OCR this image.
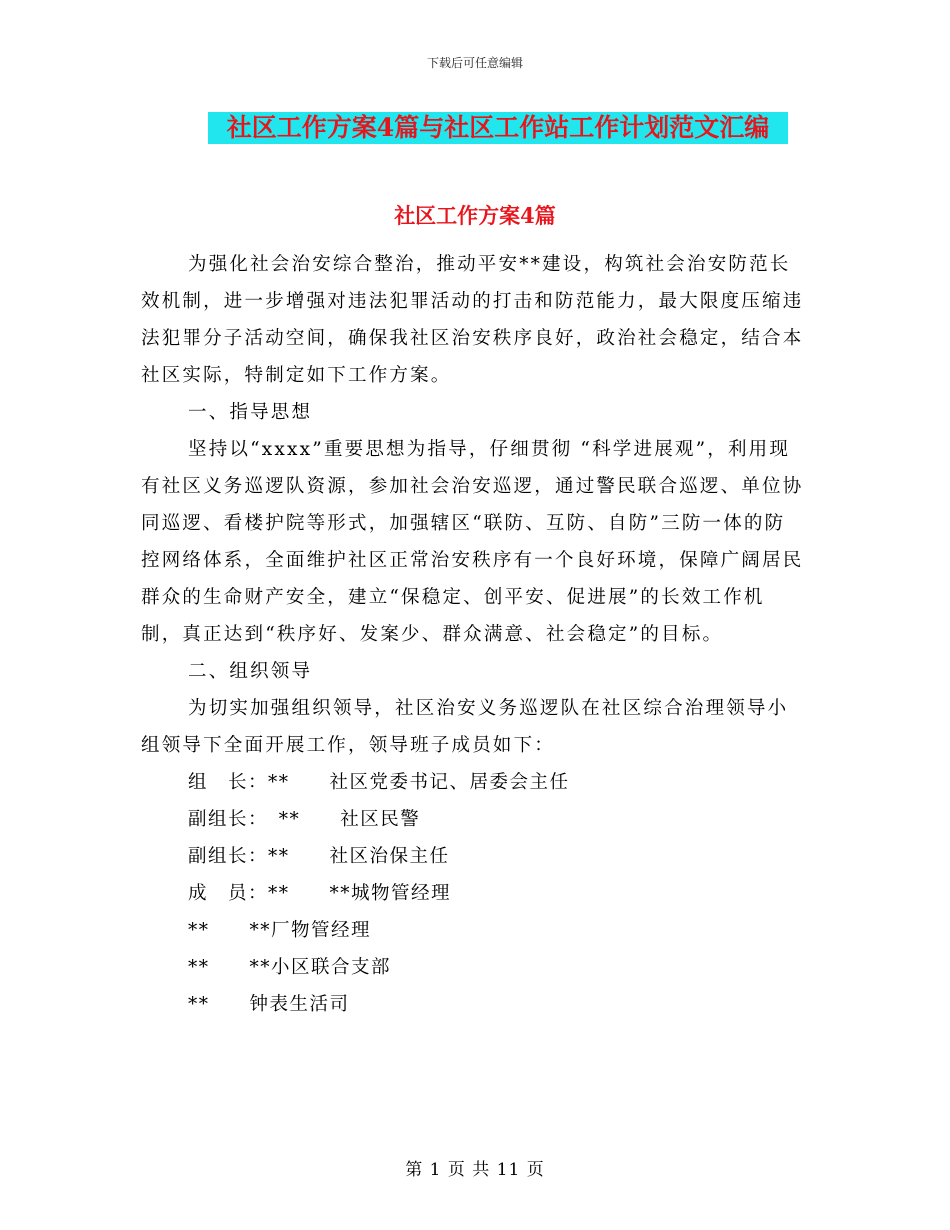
下载后可任意编辑
社区工作方案4篇与社区工作站工作计划范文汇编
社区工作方案4篇

为强化社会治安综合整治，推动平安**建设，构筑社会治安防范长效机制，进一步增强对违法犯罪活动的打击和防范能力，最大限度压缩违法犯罪分子活动空间，确保我社区治安秩序良好，政治社会稳定，结合本社区实际，特制定如下工作方案。

一、指导思想

坚持以“xxxx”重要思想为指导，仔细贯彻 “科学进展观”，利用现有社区义务巡逻队资源，参加社会治安巡逻，通过警民联合巡逻、单位协同巡逻、看楼护院等形式，加强辖区“联防、互防、自防”三防一体的防控网络体系，全面维护社区正常治安秩序有一个良好环境，保障广阔居民群众的生命财产安全，建立“保稳定、创平安、促进展”的长效工作机制，真正达到“秩序好、发案少、群众满意、社会稳定”的目标。

二、组织领导

为切实加强组织领导，社区治安义务巡逻队在社区综合治理领导小组领导下全面开展工作，领导班子成员如下：

组　长：**　　社区党委书记、居委会主任

副组长：　**　　社区民警

副组长：**　　社区治保主任

成　员：**　　**城物管经理

**　　**厂物管经理

**　　**小区联合支部

**　　钟表生活司

第 1 页 共 11 页
